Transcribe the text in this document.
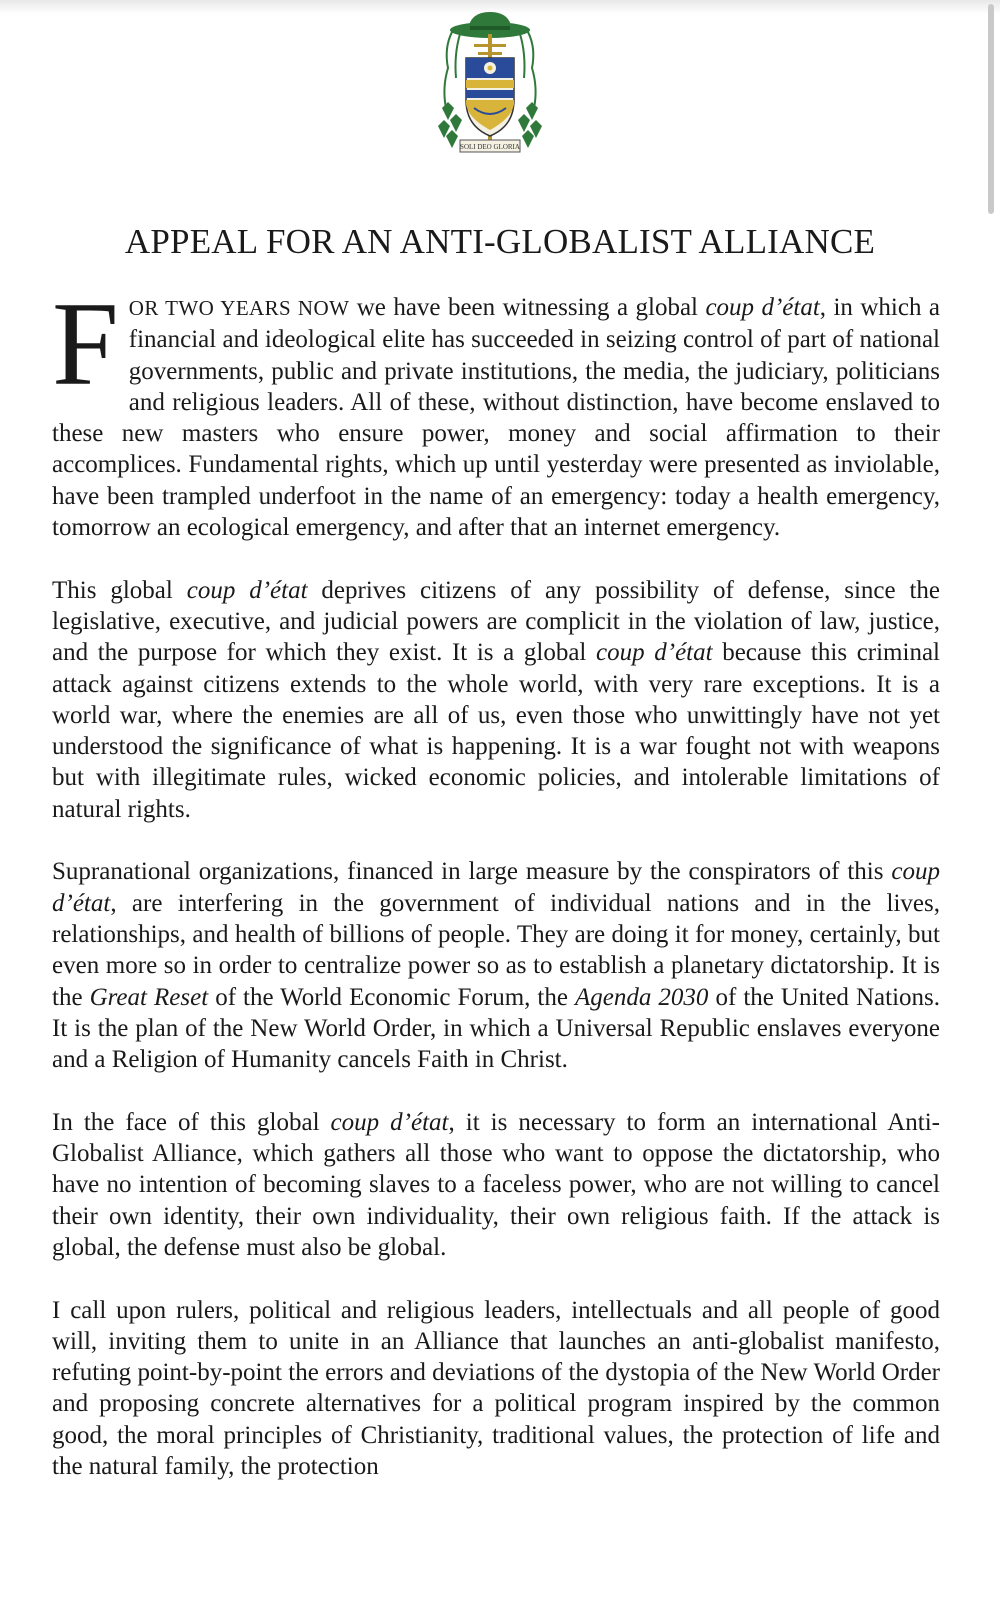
SOLI DEO GLORIA
APPEAL FOR AN ANTI-GLOBALIST ALLIANCE

FOR TWO YEARS NOW we have been witnessing a global coup d’état, in which a financial and ideological elite has succeeded in seizing control of part of national governments, public and private institutions, the media, the judiciary, politicians and religious leaders. All of these, without distinction, have become enslaved to these new masters who ensure power, money and social affirmation to their accomplices. Fundamental rights, which up until yesterday were presented as inviolable, have been trampled underfoot in the name of an emergency: today a health emergency, tomorrow an ecological emergency, and after that an internet emergency.

This global coup d’état deprives citizens of any possibility of defense, since the legislative, executive, and judicial powers are complicit in the violation of law, justice, and the purpose for which they exist. It is a global coup d’état because this criminal attack against citizens extends to the whole world, with very rare exceptions. It is a world war, where the enemies are all of us, even those who unwittingly have not yet understood the significance of what is happening. It is a war fought not with weapons but with illegitimate rules, wicked economic policies, and intolerable limitations of natural rights.

Supranational organizations, financed in large measure by the conspirators of this coup d’état, are interfering in the government of individual nations and in the lives, relationships, and health of billions of people. They are doing it for money, certainly, but even more so in order to centralize power so as to establish a planetary dictatorship. It is the Great Reset of the World Economic Forum, the Agenda 2030 of the United Nations. It is the plan of the New World Order, in which a Universal Republic enslaves everyone and a Religion of Humanity cancels Faith in Christ.

In the face of this global coup d’état, it is necessary to form an international Anti-Globalist Alliance, which gathers all those who want to oppose the dictatorship, who have no intention of becoming slaves to a faceless power, who are not willing to cancel their own identity, their own individuality, their own religious faith. If the attack is global, the defense must also be global.

I call upon rulers, political and religious leaders, intellectuals and all people of good will, inviting them to unite in an Alliance that launches an anti-globalist manifesto, refuting point-by-point the errors and deviations of the dystopia of the New World Order and proposing concrete alternatives for a political program inspired by the common good, the moral principles of Christianity, traditional values, the protection of life and the natural family, the protection
